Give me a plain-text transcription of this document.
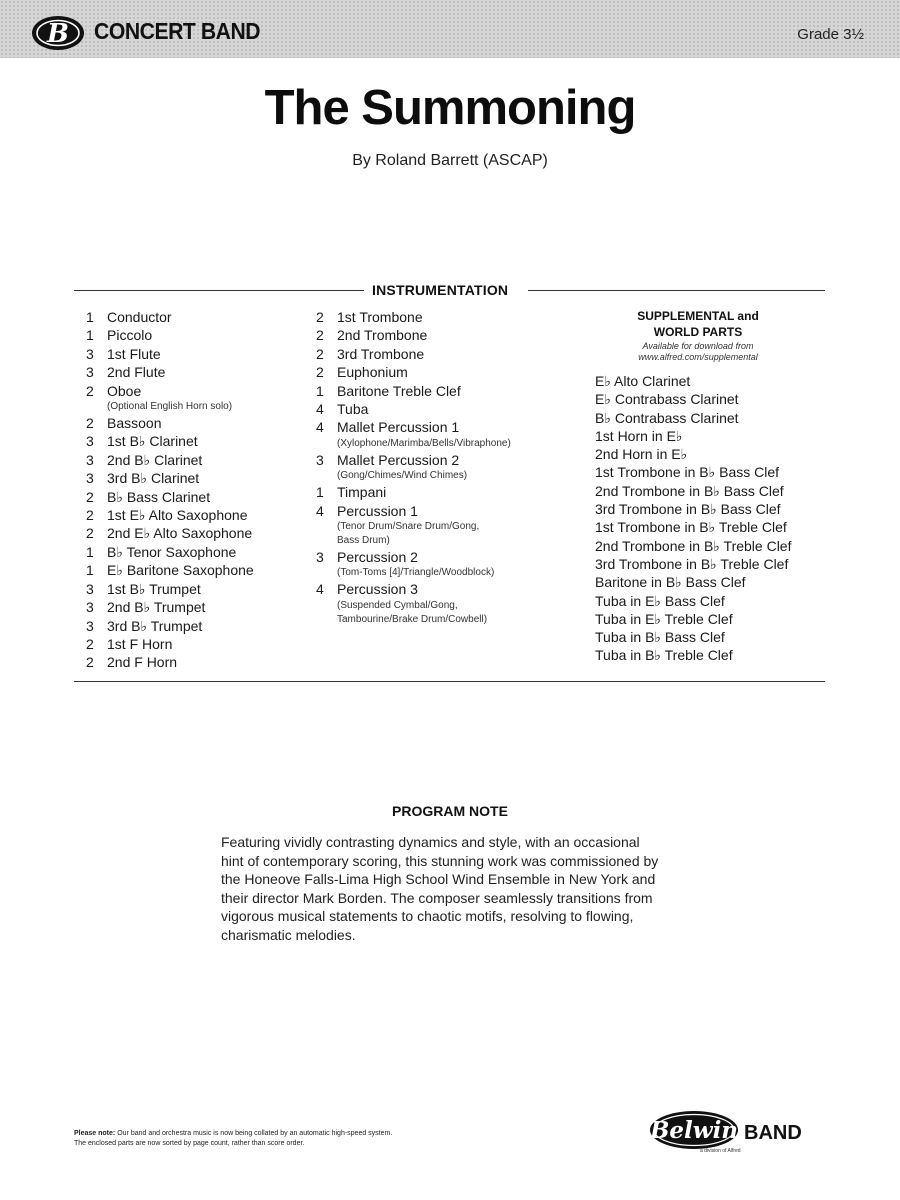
B CONCERT BAND	Grade 3½
The Summoning
By Roland Barrett (ASCAP)
INSTRUMENTATION
1 Conductor
1 Piccolo
3 1st Flute
3 2nd Flute
2 Oboe
(Optional English Horn solo)
2 Bassoon
3 1st B♭ Clarinet
3 2nd B♭ Clarinet
3 3rd B♭ Clarinet
2 B♭ Bass Clarinet
2 1st E♭ Alto Saxophone
2 2nd E♭ Alto Saxophone
1 B♭ Tenor Saxophone
1 E♭ Baritone Saxophone
3 1st B♭ Trumpet
3 2nd B♭ Trumpet
3 3rd B♭ Trumpet
2 1st F Horn
2 2nd F Horn
2 1st Trombone
2 2nd Trombone
2 3rd Trombone
2 Euphonium
1 Baritone Treble Clef
4 Tuba
4 Mallet Percussion 1
(Xylophone/Marimba/Bells/Vibraphone)
3 Mallet Percussion 2
(Gong/Chimes/Wind Chimes)
1 Timpani
4 Percussion 1
(Tenor Drum/Snare Drum/Gong,
Bass Drum)
3 Percussion 2
(Tom-Toms [4]/Triangle/Woodblock)
4 Percussion 3
(Suspended Cymbal/Gong,
Tambourine/Brake Drum/Cowbell)
SUPPLEMENTAL and
WORLD PARTS
Available for download from
www.alfred.com/supplemental
E♭ Alto Clarinet
E♭ Contrabass Clarinet
B♭ Contrabass Clarinet
1st Horn in E♭
2nd Horn in E♭
1st Trombone in B♭ Bass Clef
2nd Trombone in B♭ Bass Clef
3rd Trombone in B♭ Bass Clef
1st Trombone in B♭ Treble Clef
2nd Trombone in B♭ Treble Clef
3rd Trombone in B♭ Treble Clef
Baritone in B♭ Bass Clef
Tuba in E♭ Bass Clef
Tuba in E♭ Treble Clef
Tuba in B♭ Bass Clef
Tuba in B♭ Treble Clef
PROGRAM NOTE
Featuring vividly contrasting dynamics and style, with an occasional
hint of contemporary scoring, this stunning work was commissioned by
the Honeove Falls-Lima High School Wind Ensemble in New York and
their director Mark Borden. The composer seamlessly transitions from
vigorous musical statements to chaotic motifs, resolving to flowing,
charismatic melodies.
Please note: Our band and orchestra music is now being collated by an automatic high-speed system.
The enclosed parts are now sorted by page count, rather than score order.	Belwin BAND
a division of Alfred
